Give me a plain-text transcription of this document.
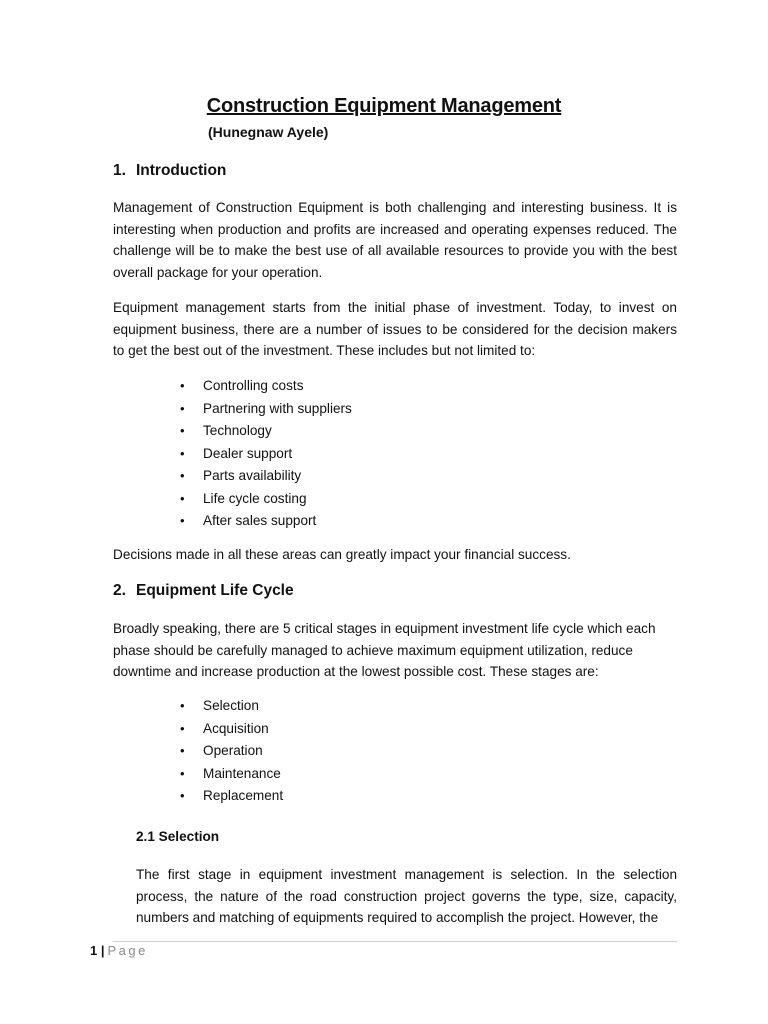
Construction Equipment Management
(Hunegnaw Ayele)
1. Introduction
Management of Construction Equipment is both challenging and interesting business. It is interesting when production and profits are increased and operating expenses reduced. The challenge will be to make the best use of all available resources to provide you with the best overall package for your operation.
Equipment management starts from the initial phase of investment. Today, to invest on equipment business, there are a number of issues to be considered for the decision makers to get the best out of the investment. These includes but not limited to:
• Controlling costs
• Partnering with suppliers
• Technology
• Dealer support
• Parts availability
• Life cycle costing
• After sales support
Decisions made in all these areas can greatly impact your financial success.
2. Equipment Life Cycle
Broadly speaking, there are 5 critical stages in equipment investment life cycle which each phase should be carefully managed to achieve maximum equipment utilization, reduce downtime and increase production at the lowest possible cost. These stages are:
• Selection
• Acquisition
• Operation
• Maintenance
• Replacement
2.1 Selection
The first stage in equipment investment management is selection. In the selection process, the nature of the road construction project governs the type, size, capacity, numbers and matching of equipments required to accomplish the project. However, the
1 | Page
